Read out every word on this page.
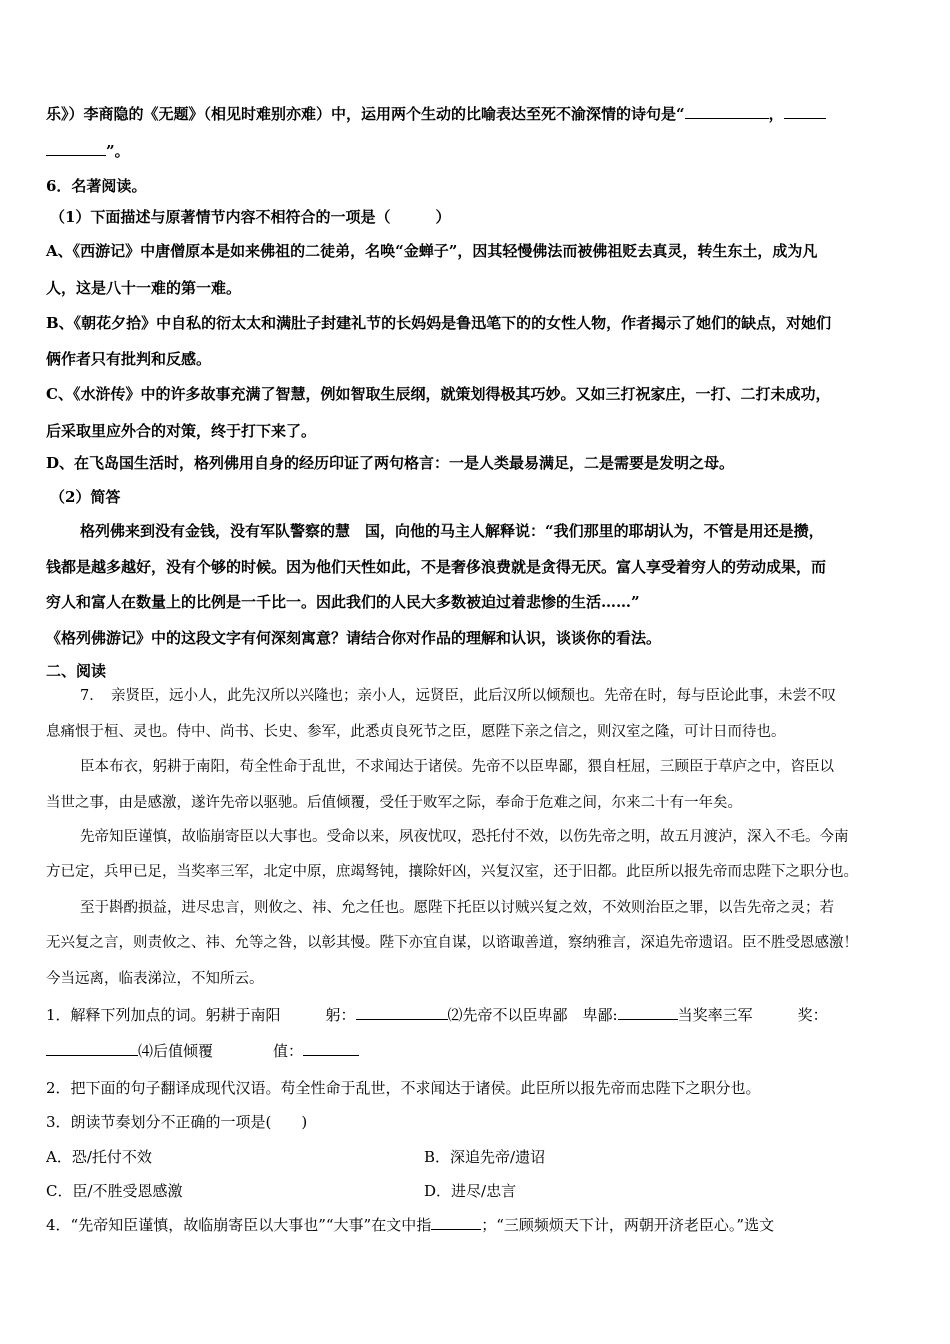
乐》）李商隐的《无题》（相见时难别亦难）中，运用两个生动的比喻表达至死不渝深情的诗句是“	，
”。
6．名著阅读。
（1）下面描述与原著情节内容不相符合的一项是（　　　）
A、《西游记》中唐僧原本是如来佛祖的二徒弟，名唤“金蝉子”，因其轻慢佛法而被佛祖贬去真灵，转生东土，成为凡
人，这是八十一难的第一难。
B、《朝花夕拾》中自私的衍太太和满肚子封建礼节的长妈妈是鲁迅笔下的的女性人物，作者揭示了她们的缺点，对她们
俩作者只有批判和反感。
C、《水浒传》中的许多故事充满了智慧，例如智取生辰纲，就策划得极其巧妙。又如三打祝家庄，一打、二打未成功，
后采取里应外合的对策，终于打下来了。
D、在飞岛国生活时，格列佛用自身的经历印证了两句格言：一是人类最易满足，二是需要是发明之母。
（2）简答
格列佛来到没有金钱，没有军队警察的慧　国，向他的马主人解释说：“我们那里的耶胡认为，不管是用还是攒，
钱都是越多越好，没有个够的时候。因为他们天性如此，不是奢侈浪费就是贪得无厌。富人享受着穷人的劳动成果，而
穷人和富人在数量上的比例是一千比一。因此我们的人民大多数被迫过着悲惨的生活……”
《格列佛游记》中的这段文字有何深刻寓意？请结合你对作品的理解和认识，谈谈你的看法。
二、阅读
7．　亲贤臣，远小人，此先汉所以兴隆也；亲小人，远贤臣，此后汉所以倾颓也。先帝在时，每与臣论此事，未尝不叹
息痛恨于桓、灵也。侍中、尚书、长史、参军，此悉贞良死节之臣，愿陛下亲之信之，则汉室之隆，可计日而待也。
臣本布衣，躬耕于南阳，苟全性命于乱世，不求闻达于诸侯。先帝不以臣卑鄙，猥自枉屈，三顾臣于草庐之中，咨臣以
当世之事，由是感激，遂许先帝以驱驰。后值倾覆，受任于败军之际，奉命于危难之间，尔来二十有一年矣。
先帝知臣谨慎，故临崩寄臣以大事也。受命以来，夙夜忧叹，恐托付不效，以伤先帝之明，故五月渡泸，深入不毛。今南
方已定，兵甲已足，当奖率三军，北定中原，庶竭驽钝，攘除奸凶，兴复汉室，还于旧都。此臣所以报先帝而忠陛下之职分也。
至于斟酌损益，进尽忠言，则攸之、祎、允之任也。愿陛下托臣以讨贼兴复之效，不效则治臣之罪，以告先帝之灵；若
无兴复之言，则责攸之、祎、允等之咎，以彰其慢。陛下亦宜自谋，以谘诹善道，察纳雅言，深追先帝遗诏。臣不胜受恩感激！
今当远离，临表涕泣，不知所云。
1．解释下列加点的词。躬耕于南阳　　　躬：	⑵先帝不以臣卑鄙　卑鄙:	当奖率三军　　　奖：
⑷后值倾覆　　　　值：
2．把下面的句子翻译成现代汉语。苟全性命于乱世，不求闻达于诸侯。此臣所以报先帝而忠陛下之职分也。
3．朗读节奏划分不正确的一项是(　　)
A．恐/托付不效	B．深追先帝/遗诏
C．臣/不胜受恩感激	D．进尽/忠言
4．“先帝知臣谨慎，故临崩寄臣以大事也”“大事”在文中指	；“三顾频烦天下计，两朝开济老臣心。”选文
